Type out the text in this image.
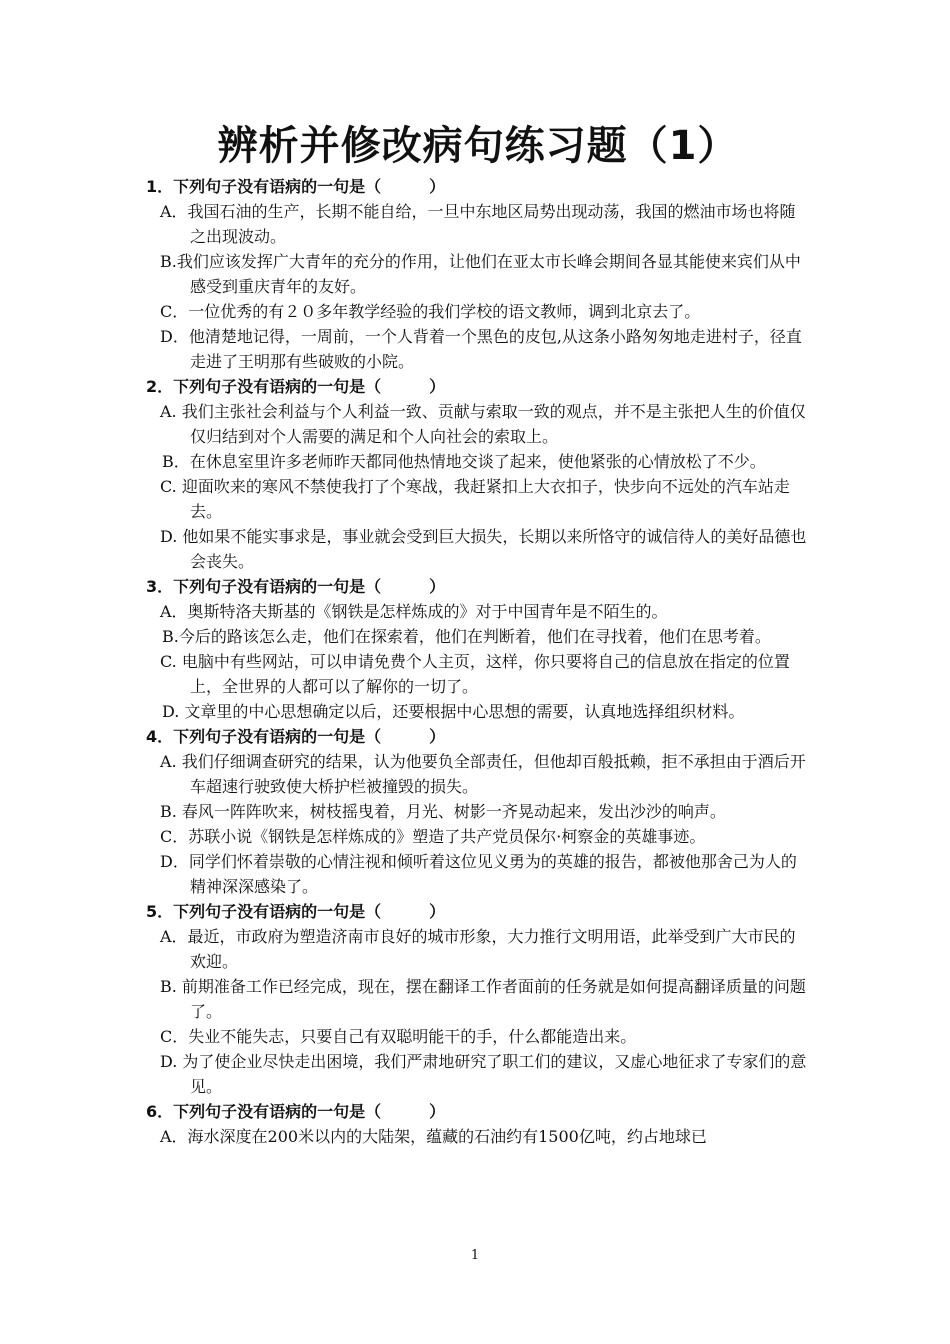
辨析并修改病句练习题（1）
1．下列句子没有语病的一句是（　　　）
A．我国石油的生产，长期不能自给，一旦中东地区局势出现动荡，我国的燃油市场也将随之出现波动。
B.我们应该发挥广大青年的充分的作用，让他们在亚太市长峰会期间各显其能使来宾们从中感受到重庆青年的友好。
C．一位优秀的有２０多年教学经验的我们学校的语文教师，调到北京去了。
D．他清楚地记得，一周前，一个人背着一个黑色的皮包,从这条小路匆匆地走进村子，径直走进了王明那有些破败的小院。
2．下列句子没有语病的一句是（　　　）
A. 我们主张社会利益与个人利益一致、贡献与索取一致的观点，并不是主张把人生的价值仅仅归结到对个人需要的满足和个人向社会的索取上。
B．在休息室里许多老师昨天都同他热情地交谈了起来，使他紧张的心情放松了不少。
C. 迎面吹来的寒风不禁使我打了个寒战，我赶紧扣上大衣扣子，快步向不远处的汽车站走去。
D. 他如果不能实事求是，事业就会受到巨大损失，长期以来所恪守的诚信待人的美好品德也会丧失。
3．下列句子没有语病的一句是（　　　）
A．奥斯特洛夫斯基的《钢铁是怎样炼成的》对于中国青年是不陌生的。
B.今后的路该怎么走，他们在探索着，他们在判断着，他们在寻找着，他们在思考着。
C. 电脑中有些网站，可以申请免费个人主页，这样，你只要将自己的信息放在指定的位置上，全世界的人都可以了解你的一切了。
D. 文章里的中心思想确定以后，还要根据中心思想的需要，认真地选择组织材料。
4．下列句子没有语病的一句是（　　　）
A. 我们仔细调查研究的结果，认为他要负全部责任，但他却百般抵赖，拒不承担由于酒后开车超速行驶致使大桥护栏被撞毁的损失。
B. 春风一阵阵吹来，树枝摇曳着，月光、树影一齐晃动起来，发出沙沙的响声。
C．苏联小说《钢铁是怎样炼成的》塑造了共产党员保尔·柯察金的英雄事迹。
D．同学们怀着崇敬的心情注视和倾听着这位见义勇为的英雄的报告，都被他那舍己为人的精神深深感染了。
5．下列句子没有语病的一句是（　　　）
A．最近，市政府为塑造济南市良好的城市形象，大力推行文明用语，此举受到广大市民的欢迎。
B. 前期准备工作已经完成，现在，摆在翻译工作者面前的任务就是如何提高翻译质量的问题了。
C．失业不能失志，只要自己有双聪明能干的手，什么都能造出来。
D. 为了使企业尽快走出困境，我们严肃地研究了职工们的建议，又虚心地征求了专家们的意见。
6．下列句子没有语病的一句是（　　　）
A．海水深度在200米以内的大陆架，蕴藏的石油约有1500亿吨，约占地球已
1
